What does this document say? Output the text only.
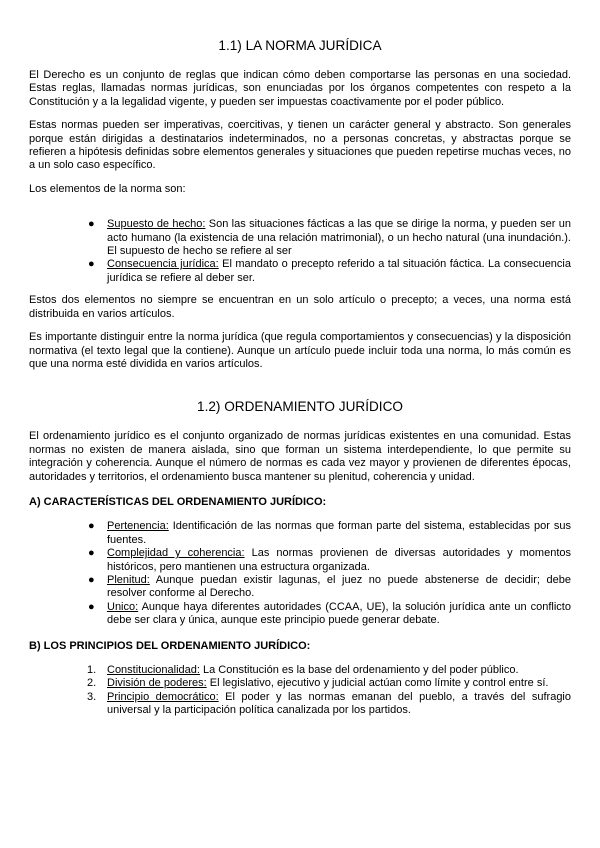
1.1) LA NORMA JURÍDICA

El Derecho es un conjunto de reglas que indican cómo deben comportarse las personas en una sociedad. Estas reglas, llamadas normas jurídicas, son enunciadas por los órganos competentes con respeto a la Constitución y a la legalidad vigente, y pueden ser impuestas coactivamente por el poder público.

Estas normas pueden ser imperativas, coercitivas, y tienen un carácter general y abstracto. Son generales porque están dirigidas a destinatarios indeterminados, no a personas concretas, y abstractas porque se refieren a hipótesis definidas sobre elementos generales y situaciones que pueden repetirse muchas veces, no a un solo caso específico.

Los elementos de la norma son:

● Supuesto de hecho: Son las situaciones fácticas a las que se dirige la norma, y pueden ser un acto humano (la existencia de una relación matrimonial), o un hecho natural (una inundación.). El supuesto de hecho se refiere al ser
● Consecuencia jurídica: El mandato o precepto referido a tal situación fáctica. La consecuencia jurídica se refiere al deber ser.

Estos dos elementos no siempre se encuentran en un solo artículo o precepto; a veces, una norma está distribuida en varios artículos.

Es importante distinguir entre la norma jurídica (que regula comportamientos y consecuencias) y la disposición normativa (el texto legal que la contiene). Aunque un artículo puede incluir toda una norma, lo más común es que una norma esté dividida en varios artículos.

1.2) ORDENAMIENTO JURÍDICO

El ordenamiento jurídico es el conjunto organizado de normas jurídicas existentes en una comunidad. Estas normas no existen de manera aislada, sino que forman un sistema interdependiente, lo que permite su integración y coherencia. Aunque el número de normas es cada vez mayor y provienen de diferentes épocas, autoridades y territorios, el ordenamiento busca mantener su plenitud, coherencia y unidad.

A) CARACTERÍSTICAS DEL ORDENAMIENTO JURÍDICO:
● Pertenencia: Identificación de las normas que forman parte del sistema, establecidas por sus fuentes.
● Complejidad y coherencia: Las normas provienen de diversas autoridades y momentos históricos, pero mantienen una estructura organizada.
● Plenitud: Aunque puedan existir lagunas, el juez no puede abstenerse de decidir; debe resolver conforme al Derecho.
● Unico: Aunque haya diferentes autoridades (CCAA, UE), la solución jurídica ante un conflicto debe ser clara y única, aunque este principio puede generar debate.
B) LOS PRINCIPIOS DEL ORDENAMIENTO JURÍDICO:
1. Constitucionalidad: La Constitución es la base del ordenamiento y del poder público.
2. División de poderes: El legislativo, ejecutivo y judicial actúan como límite y control entre sí.
3. Principio democrático: El poder y las normas emanan del pueblo, a través del sufragio universal y la participación política canalizada por los partidos.
